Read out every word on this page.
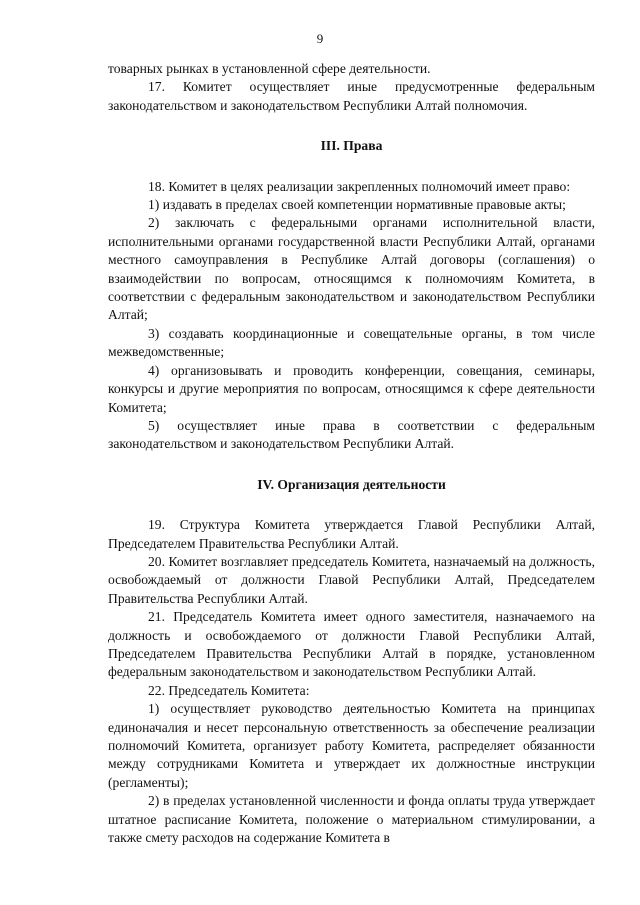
9

товарных рынках в установленной сфере деятельности.

17. Комитет осуществляет иные предусмотренные федеральным законодательством и законодательством Республики Алтай полномочия.

III. Права

18. Комитет в целях реализации закрепленных полномочий имеет право:

1) издавать в пределах своей компетенции нормативные правовые акты;

2) заключать с федеральными органами исполнительной власти, исполнительными органами государственной власти Республики Алтай, органами местного самоуправления в Республике Алтай договоры (соглашения) о взаимодействии по вопросам, относящимся к полномочиям Комитета, в соответствии с федеральным законодательством и законодательством Республики Алтай;

3) создавать координационные и совещательные органы, в том числе межведомственные;

4) организовывать и проводить конференции, совещания, семинары, конкурсы и другие мероприятия по вопросам, относящимся к сфере деятельности Комитета;

5) осуществляет иные права в соответствии с федеральным законодательством и законодательством Республики Алтай.

IV. Организация деятельности

19. Структура Комитета утверждается Главой Республики Алтай, Председателем Правительства Республики Алтай.

20. Комитет возглавляет председатель Комитета, назначаемый на должность, освобождаемый от должности Главой Республики Алтай, Председателем Правительства Республики Алтай.

21. Председатель Комитета имеет одного заместителя, назначаемого на должность и освобождаемого от должности Главой Республики Алтай, Председателем Правительства Республики Алтай в порядке, установленном федеральным законодательством и законодательством Республики Алтай.

22. Председатель Комитета:

1) осуществляет руководство деятельностью Комитета на принципах единоначалия и несет персональную ответственность за обеспечение реализации полномочий Комитета, организует работу Комитета, распределяет обязанности между сотрудниками Комитета и утверждает их должностные инструкции (регламенты);

2) в пределах установленной численности и фонда оплаты труда утверждает штатное расписание Комитета, положение о материальном стимулировании, а также смету расходов на содержание Комитета в
